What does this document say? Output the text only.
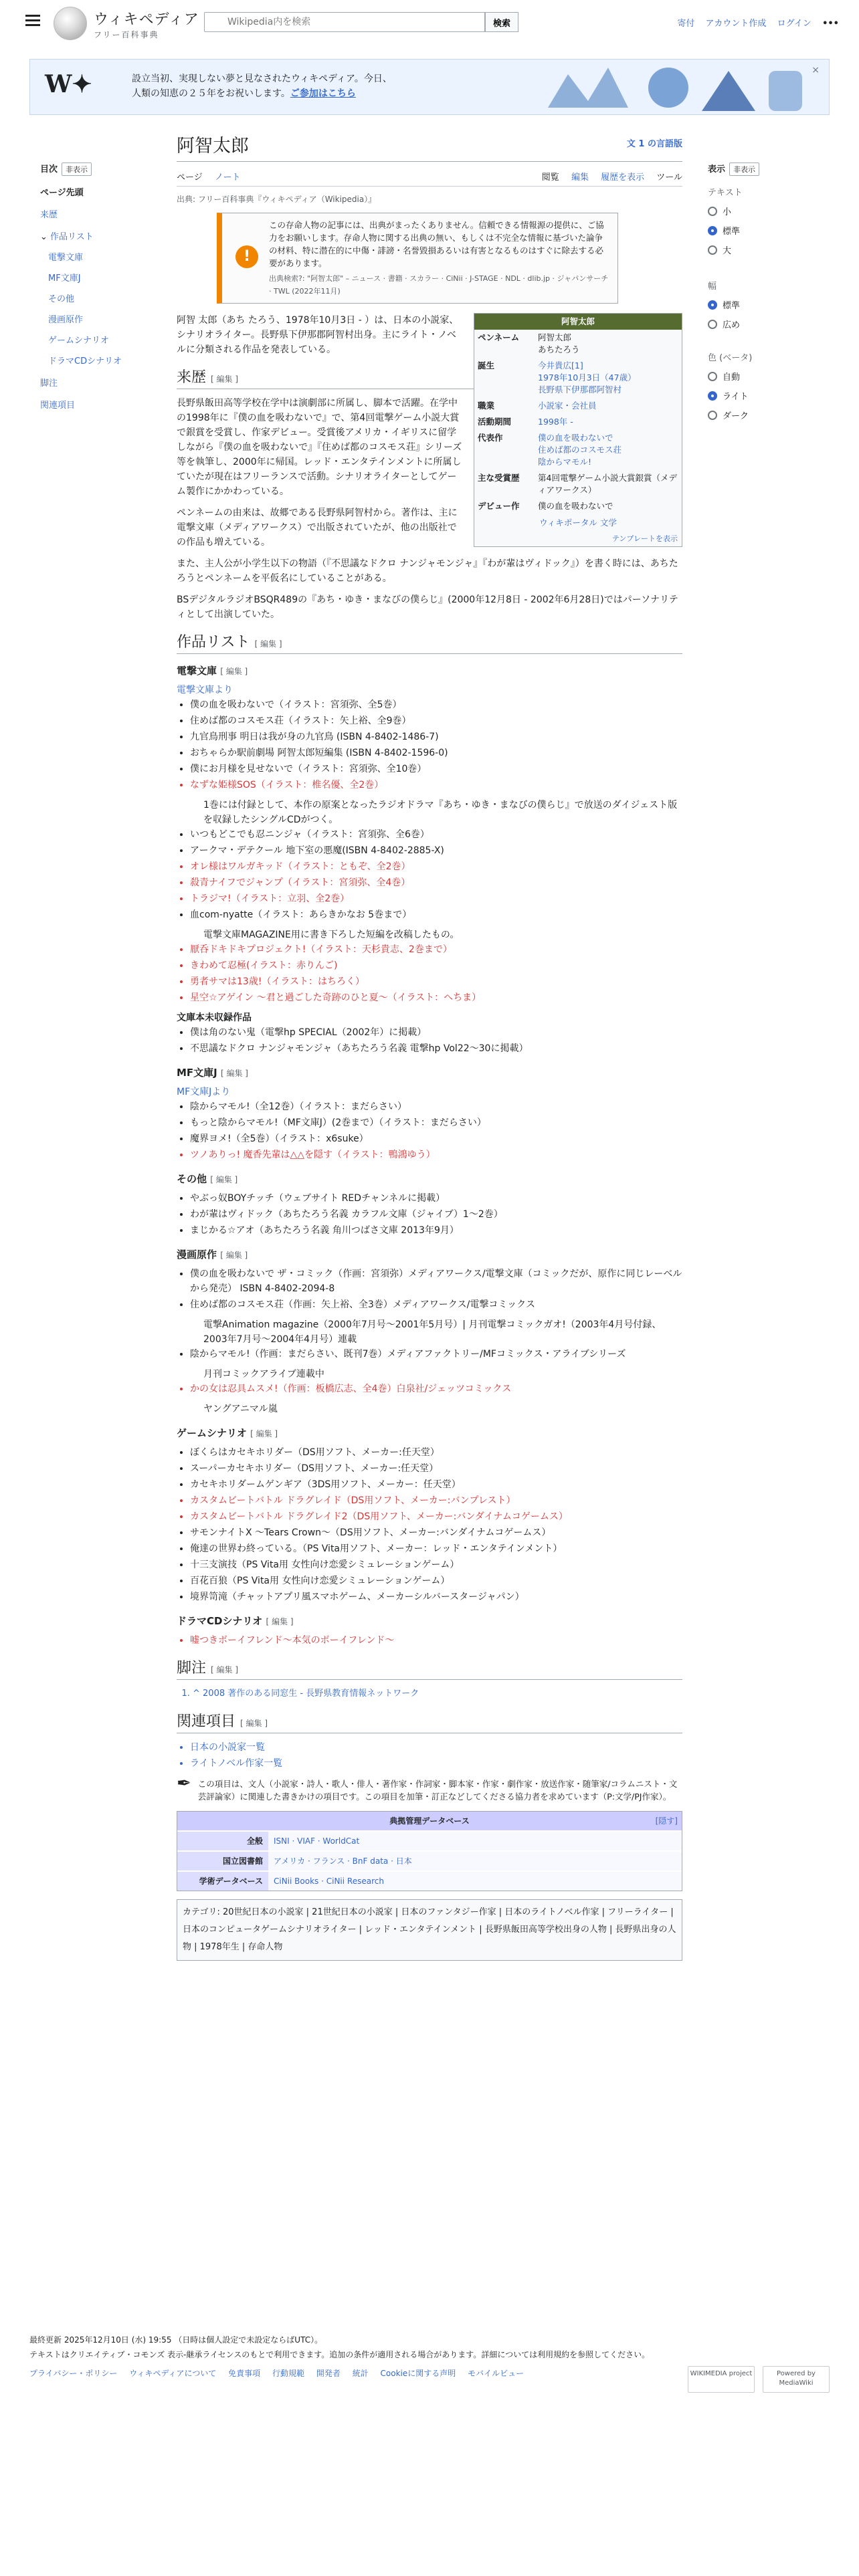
ウィキペディア
フリー百科事典
Wikipedia内を検索
検索	寄付 アカウント作成 ログイン •••
W✦	設立当初、実現しない夢と見なされたウィキペディア。今日、
人類の知恵の２５年をお祝いします。ご参加はこちら
×
目次 非表示
ページ先頭
来歴
⌄ 作品リスト
電撃文庫
MF文庫J
その他
漫画原作
ゲームシナリオ
ドラマCDシナリオ
脚注
関連項目
表示 非表示
テキスト
小
標準
大
幅
標準
広め
色 (ベータ)
自動
ライト
ダーク
阿智太郎	文 1 の言語版
ページ ノート	閲覧 編集 履歴を表示 ツール
出典: フリー百科事典『ウィキペディア（Wikipedia）』
!
この存命人物の記事には、出典がまったくありません。信頼できる情報源の提供に、ご協力をお願いします。存命人物に関する出典の無い、もしくは不完全な情報に基づいた論争の材料、特に潜在的に中傷・誹謗・名誉毀損あるいは有害となるものはすぐに除去する必要があります。
出典検索?: "阿智太郎" – ニュース · 書籍 · スカラー · CiNii · J-STAGE · NDL · dlib.jp · ジャパンサーチ · TWL (2022年11月)
阿智太郎
ペンネーム	阿智太郎
あちたろう
誕生	今井貴広[1]
1978年10月3日（47歳）
長野県下伊那郡阿智村
職業	小説家・会社員
活動期間	1998年 -
代表作	僕の血を吸わないで
住めば都のコスモス荘
陰からマモル!
主な受賞歴	第4回電撃ゲーム小説大賞銀賞（メディアワークス）
デビュー作	僕の血を吸わないで
ウィキポータル 文学
テンプレートを表示

阿智 太郎（あち たろう、1978年10月3日 - ）は、日本の小説家、シナリオライター。長野県下伊那郡阿智村出身。主にライト・ノベルに分類される作品を発表している。

来歴 [ 編集 ]

長野県飯田高等学校在学中は演劇部に所属し、脚本で活躍。在学中の1998年に『僕の血を吸わないで』で、第4回電撃ゲーム小説大賞で銀賞を受賞し、作家デビュー。受賞後アメリカ・イギリスに留学しながら『僕の血を吸わないで』『住めば都のコスモス荘』シリーズ等を執筆し、2000年に帰国。レッド・エンタテインメントに所属していたが現在はフリーランスで活動。シナリオライターとしてゲーム製作にかかわっている。

ペンネームの由来は、故郷である長野県阿智村から。著作は、主に電撃文庫（メディアワークス）で出版されていたが、他の出版社での作品も増えている。

また、主人公が小学生以下の物語（『不思議なドクロ ナンジャモンジャ』『わが輩はヴィドック』）を書く時には、あちたろうとペンネームを平仮名にしていることがある。

BSデジタルラジオBSQR489の『あち・ゆき・まなびの僕らじ』(2000年12月8日 - 2002年6月28日)ではパーソナリティとして出演していた。

作品リスト [ 編集 ]
電撃文庫 [ 編集 ]
電撃文庫より
• 僕の血を吸わないで（イラスト：宮須弥、全5巻）
• 住めば都のコスモス荘（イラスト：矢上裕、全9巻）
• 九官鳥刑事 明日は我が身の九官鳥 (ISBN 4-8402-1486-7)
• おちゃらか駅前劇場 阿智太郎短編集 (ISBN 4-8402-1596-0)
• 僕にお月様を見せないで（イラスト：宮須弥、全10巻）
• なずな姫様SOS（イラスト：椎名優、全2巻）
1巻には付録として、本作の原案となったラジオドラマ『あち・ゆき・まなびの僕らじ』で放送のダイジェスト版を収録したシングルCDがつく。
• いつもどこでも忍ニンジャ（イラスト：宮須弥、全6巻）
• アークマ・デテクール 地下室の悪魔(ISBN 4-8402-2885-X)
• オレ様はワルガキッド（イラスト：ともぞ、全2巻）
• 殺青ナイフでジャンプ（イラスト：宮須弥、全4巻）
• トラジマ!（イラスト：立羽、全2巻）
• 血com-nyatte（イラスト：あらきかなお 5巻まで）
電撃文庫MAGAZINE用に書き下ろした短編を改稿したもの。
• 厭呑ドキドキプロジェクト!（イラスト：天杉貴志、2巻まで）
• きわめて忍極(イラスト：赤りんご)
• 勇者サマは13歳!（イラスト：はちろく）
• 星空☆アゲイン 〜君と過ごした奇跡のひと夏〜（イラスト：へちま）
文庫本未収録作品
• 僕は角のない鬼（電撃hp SPECIAL（2002年）に掲載）
• 不思議なドクロ ナンジャモンジャ（あちたろう名義 電撃hp Vol22〜30に掲載）
MF文庫J [ 編集 ]
MF文庫Jより
• 陰からマモル!（全12巻）（イラスト：まだらさい）
• もっと陰からマモル!（MF文庫J）(2巻まで）（イラスト：まだらさい）
• 魔界ヨメ!（全5巻）（イラスト：x6suke）
• ツノありっ! 魔香先輩は△△を隠す（イラスト：鴨鴻ゆう）
その他 [ 編集 ]
• やぶっ奴BOYチッチ（ウェブサイト REDチャンネルに掲載）
• わが輩はヴィドック（あちたろう名義 カラフル文庫（ジャイブ）1〜2巻）
• まじかる☆アオ（あちたろう名義 角川つばさ文庫 2013年9月）
漫画原作 [ 編集 ]
• 僕の血を吸わないで ザ・コミック（作画：宮須弥）メディアワークス/電撃文庫（コミックだが、原作に同じレーベルから発売） ISBN 4-8402-2094-8
• 住めば都のコスモス荘（作画：矢上裕、全3巻）メディアワークス/電撃コミックス
電撃Animation magazine（2000年7月号〜2001年5月号）| 月刊電撃コミックガオ!（2003年4月号付録、2003年7月号〜2004年4月号）連載
• 陰からマモル!（作画：まだらさい、既刊7巻）メディアファクトリー/MFコミックス・アライブシリーズ
月刊コミックアライブ連載中
• かの女は忍具ムスメ!（作画：板橋広志、全4巻）白泉社/ジェッツコミックス
ヤングアニマル嵐
ゲームシナリオ [ 編集 ]
• ぼくらはカセキホリダー（DS用ソフト、メーカー:任天堂）
• スーパーカセキホリダー（DS用ソフト、メーカー:任天堂）
• カセキホリダームゲンギア（3DS用ソフト、メーカー：任天堂）
• カスタムビートバトル ドラグレイド（DS用ソフト、メーカー:バンプレスト）
• カスタムビートバトル ドラグレイド2（DS用ソフト、メーカー:バンダイナムコゲームス）
• サモンナイトX 〜Tears Crown〜（DS用ソフト、メーカー:バンダイナムコゲームス）
• 俺達の世界わ終っている。（PS Vita用ソフト、メーカー：レッド・エンタテインメント）
• 十三支演技（PS Vita用 女性向け恋愛シミュレーションゲーム）
• 百花百狼（PS Vita用 女性向け恋愛シミュレーションゲーム）
• 境界笥滝（チャットアプリ風スマホゲーム、メーカーシルバースタージャパン）
ドラマCDシナリオ [ 編集 ]
• 嘘つきボーイフレンド〜本気のボーイフレンド〜
脚注 [ 編集 ]
1. ^ 2008 著作のある同窓生 - 長野県教育情報ネットワーク
関連項目 [ 編集 ]
• 日本の小説家一覧
• ライトノベル作家一覧
✒ この項目は、文人（小説家・詩人・歌人・俳人・著作家・作詞家・脚本家・作家・劇作家・放送作家・随筆家/コラムニスト・文芸評論家）に関連した書きかけの項目です。この項目を加筆・訂正などしてくださる協力者を求めています（P:文学/PJ作家）。
典拠管理データベース	[隠す]
全般	ISNI · VIAF · WorldCat
国立図書館	アメリカ · フランス · BnF data · 日本
学術データベース	CiNii Books · CiNii Research
カテゴリ: 20世紀日本の小説家 | 21世紀日本の小説家 | 日本のファンタジー作家 | 日本のライトノベル作家 | フリーライター | 日本のコンピュータゲームシナリオライター | レッド・エンタテインメント | 長野県飯田高等学校出身の人物 | 長野県出身の人物 | 1978年生 | 存命人物
最終更新 2025年12月10日 (水) 19:55 （日時は個人設定で未設定ならばUTC）。
テキストはクリエイティブ・コモンズ 表示-継承ライセンスのもとで利用できます。追加の条件が適用される場合があります。詳細については利用規約を参照してください。
プライバシー・ポリシー ウィキペディアについて 免責事項 行動規範 開発者 統計 Cookieに関する声明 モバイルビュー	WIKIMEDIA project	Powered by MediaWiki
